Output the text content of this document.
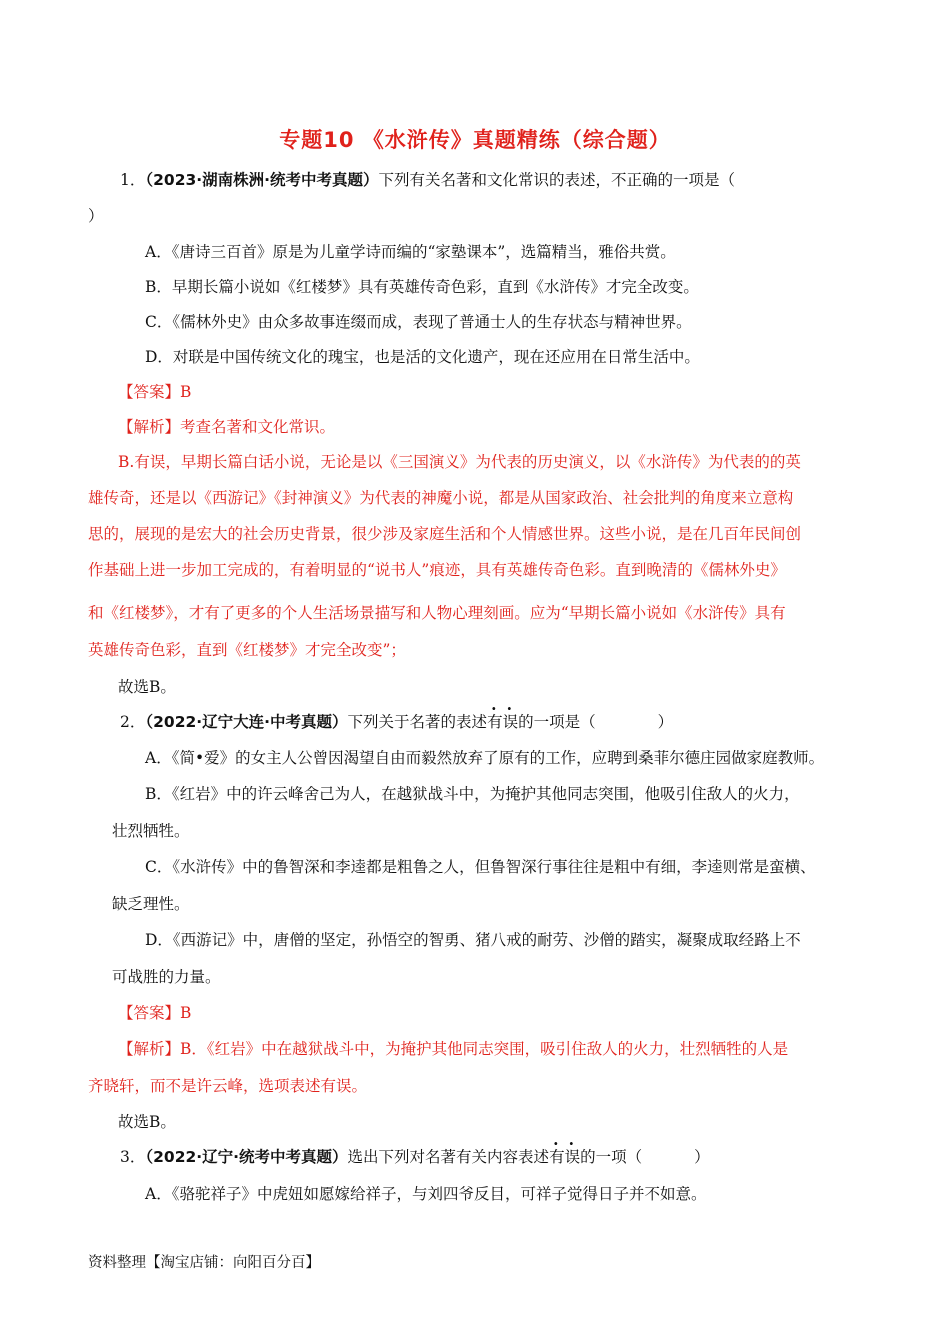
专题10 《水浒传》真题精练（综合题）
1．（2023·湖南株洲·统考中考真题）下列有关名著和文化常识的表述，不正确的一项是（
）
A．《唐诗三百首》原是为儿童学诗而编的“家塾课本”，选篇精当，雅俗共赏。
B．早期长篇小说如《红楼梦》具有英雄传奇色彩，直到《水浒传》才完全改变。
C．《儒林外史》由众多故事连缀而成，表现了普通士人的生存状态与精神世界。
D．对联是中国传统文化的瑰宝，也是活的文化遗产，现在还应用在日常生活中。
【答案】B
【解析】考查名著和文化常识。
B.有误，早期长篇白话小说，无论是以《三国演义》为代表的历史演义，以《水浒传》为代表的的英
雄传奇，还是以《西游记》《封神演义》为代表的神魔小说，都是从国家政治、社会批判的角度来立意构
思的，展现的是宏大的社会历史背景，很少涉及家庭生活和个人情感世界。这些小说，是在几百年民间创
作基础上进一步加工完成的，有着明显的“说书人”痕迹，具有英雄传奇色彩。直到晚清的《儒林外史》
和《红楼梦》，才有了更多的个人生活场景描写和人物心理刻画。应为“早期长篇小说如《水浒传》具有
英雄传奇色彩，直到《红楼梦》才完全改变”；
故选B。
2．（2022·辽宁大连·中考真题）下列关于名著的表述有误的一项是（	）
A．《简•爱》的女主人公曾因渴望自由而毅然放弃了原有的工作，应聘到桑菲尔德庄园做家庭教师。
B．《红岩》中的许云峰舍己为人，在越狱战斗中，为掩护其他同志突围，他吸引住敌人的火力，
壮烈牺牲。
C．《水浒传》中的鲁智深和李逵都是粗鲁之人，但鲁智深行事往往是粗中有细，李逵则常是蛮横、
缺乏理性。
D．《西游记》中，唐僧的坚定，孙悟空的智勇、猪八戒的耐劳、沙僧的踏实，凝聚成取经路上不
可战胜的力量。
【答案】B
【解析】B．《红岩》中在越狱战斗中，为掩护其他同志突围，吸引住敌人的火力，壮烈牺牲的人是
齐晓轩，而不是许云峰，选项表述有误。
故选B。
3．（2022·辽宁·统考中考真题）选出下列对名著有关内容表述有误的一项（	）
A．《骆驼祥子》中虎妞如愿嫁给祥子，与刘四爷反目，可祥子觉得日子并不如意。
资料整理【淘宝店铺：向阳百分百】
